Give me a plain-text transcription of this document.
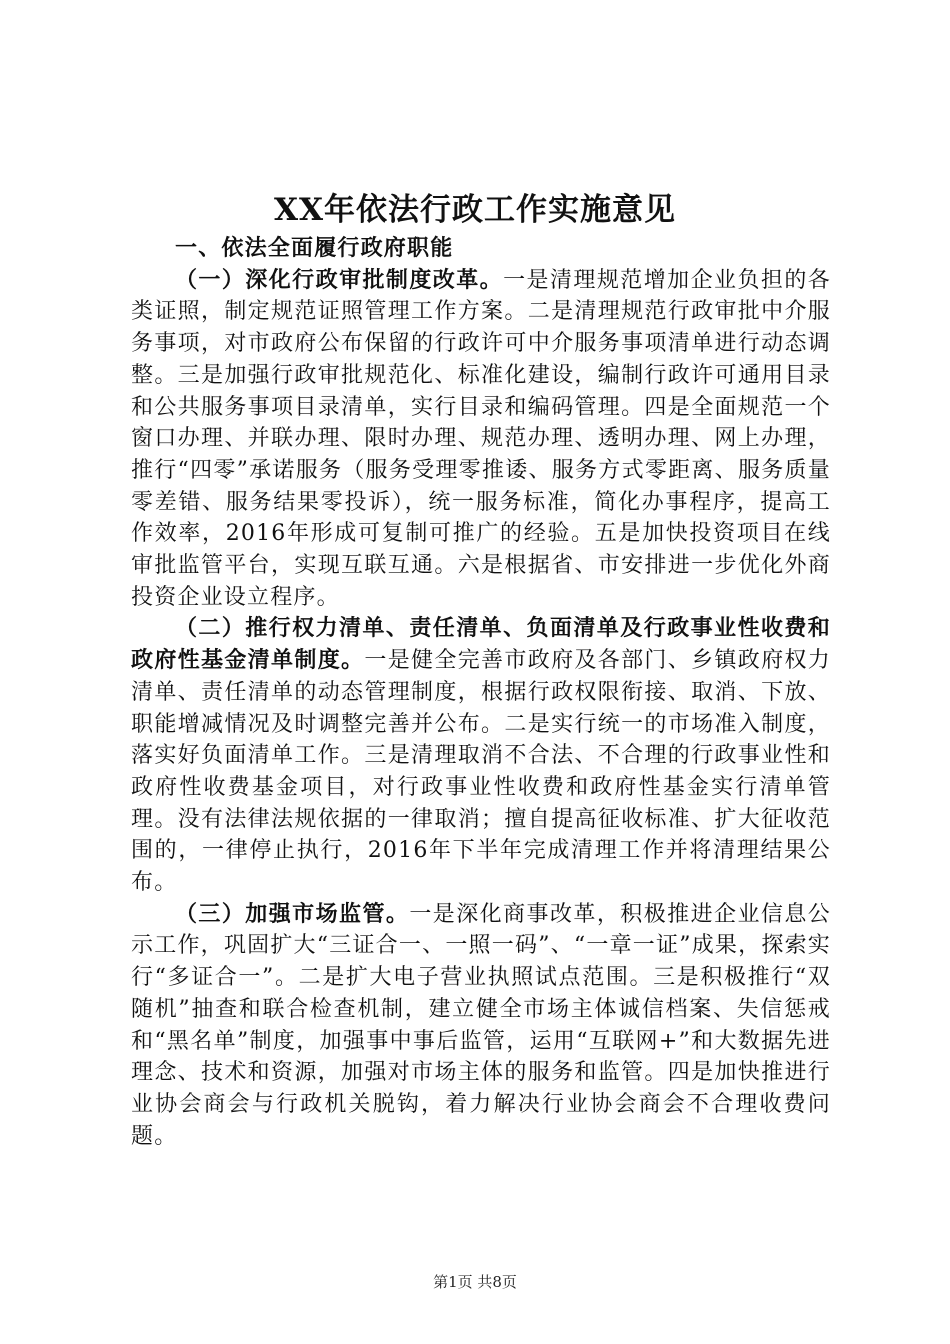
XX年依法行政工作实施意见

一、依法全面履行政府职能

（一）深化行政审批制度改革。一是清理规范增加企业负担的各类证照，制定规范证照管理工作方案。二是清理规范行政审批中介服务事项，对市政府公布保留的行政许可中介服务事项清单进行动态调整。三是加强行政审批规范化、标准化建设，编制行政许可通用目录和公共服务事项目录清单，实行目录和编码管理。四是全面规范一个窗口办理、并联办理、限时办理、规范办理、透明办理、网上办理，推行“四零”承诺服务（服务受理零推诿、服务方式零距离、服务质量零差错、服务结果零投诉），统一服务标准，简化办事程序，提高工作效率，2016年形成可复制可推广的经验。五是加快投资项目在线审批监管平台，实现互联互通。六是根据省、市安排进一步优化外商投资企业设立程序。

（二）推行权力清单、责任清单、负面清单及行政事业性收费和政府性基金清单制度。一是健全完善市政府及各部门、乡镇政府权力清单、责任清单的动态管理制度，根据行政权限衔接、取消、下放、职能增减情况及时调整完善并公布。二是实行统一的市场准入制度，落实好负面清单工作。三是清理取消不合法、不合理的行政事业性和政府性收费基金项目，对行政事业性收费和政府性基金实行清单管理。没有法律法规依据的一律取消；擅自提高征收标准、扩大征收范围的，一律停止执行，2016年下半年完成清理工作并将清理结果公布。

（三）加强市场监管。一是深化商事改革，积极推进企业信息公示工作，巩固扩大“三证合一、一照一码”、“一章一证”成果，探索实行“多证合一”。二是扩大电子营业执照试点范围。三是积极推行“双随机”抽查和联合检查机制，建立健全市场主体诚信档案、失信惩戒和“黑名单”制度，加强事中事后监管，运用“互联网+”和大数据先进理念、技术和资源，加强对市场主体的服务和监管。四是加快推进行业协会商会与行政机关脱钩，着力解决行业协会商会不合理收费问题。

第1页 共8页
